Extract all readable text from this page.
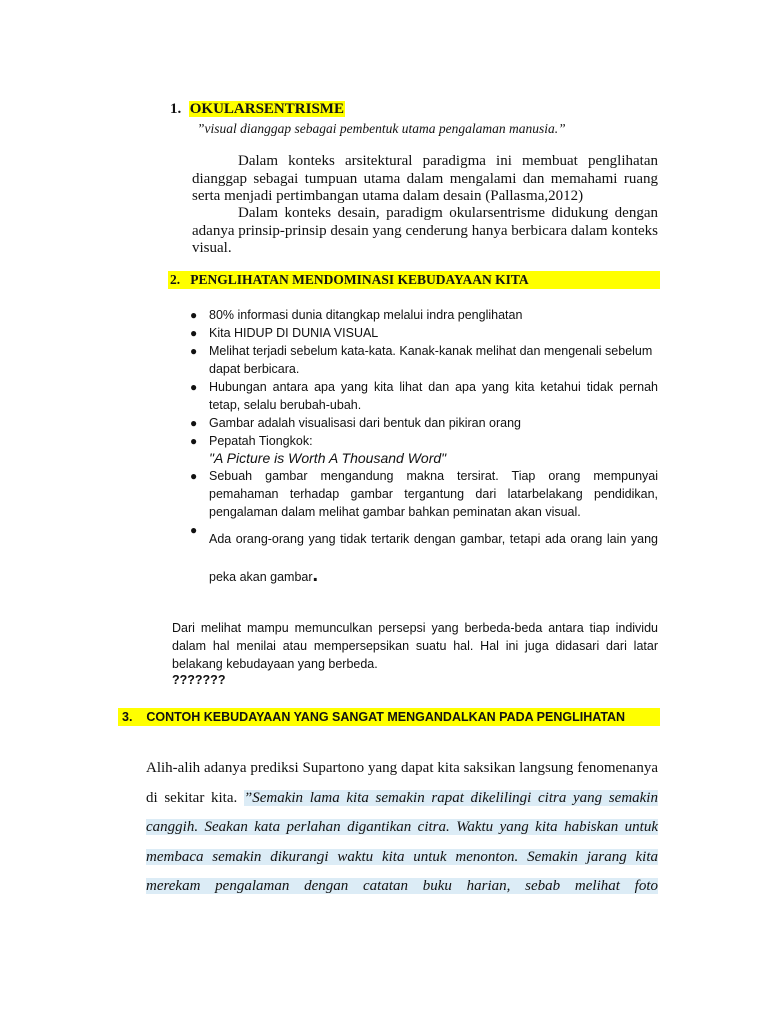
1. OKULARSENTRISME
”visual dianggap sebagai pembentuk utama pengalaman manusia.”
Dalam konteks arsitektural paradigma ini membuat penglihatan dianggap sebagai tumpuan utama dalam mengalami dan memahami ruang serta menjadi pertimbangan utama dalam desain (Pallasma,2012)
Dalam konteks desain, paradigm okularsentrisme didukung dengan adanya prinsip-prinsip desain yang cenderung hanya berbicara dalam konteks visual.
2. PENGLIHATAN MENDOMINASI KEBUDAYAAN KITA
● 80% informasi dunia ditangkap melalui indra penglihatan
● Kita HIDUP DI DUNIA VISUAL
● Melihat terjadi sebelum kata-kata. Kanak-kanak melihat dan mengenali sebelum dapat berbicara.
● Hubungan antara apa yang kita lihat dan apa yang kita ketahui tidak pernah tetap, selalu berubah-ubah.
● Gambar adalah visualisasi dari bentuk dan pikiran orang
● Pepatah Tiongkok:
"A Picture is Worth A Thousand Word"
● Sebuah gambar mengandung makna tersirat. Tiap orang mempunyai pemahaman terhadap gambar tergantung dari latarbelakang pendidikan, pengalaman dalam melihat gambar bahkan peminatan akan visual.
●
Ada orang-orang yang tidak tertarik dengan gambar, tetapi ada orang lain yang peka akan gambar.
Dari melihat mampu memunculkan persepsi yang berbeda-beda antara tiap individu dalam hal menilai atau mempersepsikan suatu hal. Hal ini juga didasari dari latar belakang kebudayaan yang berbeda.
???????
3. CONTOH KEBUDAYAAN YANG SANGAT MENGANDALKAN PADA PENGLIHATAN
Alih-alih adanya prediksi Supartono yang dapat kita saksikan langsung fenomenanya di sekitar kita. ”Semakin lama kita semakin rapat dikelilingi citra yang semakin canggih. Seakan kata perlahan digantikan citra. Waktu yang kita habiskan untuk membaca semakin dikurangi waktu kita untuk menonton. Semakin jarang kita merekam pengalaman dengan catatan buku harian, sebab melihat foto
